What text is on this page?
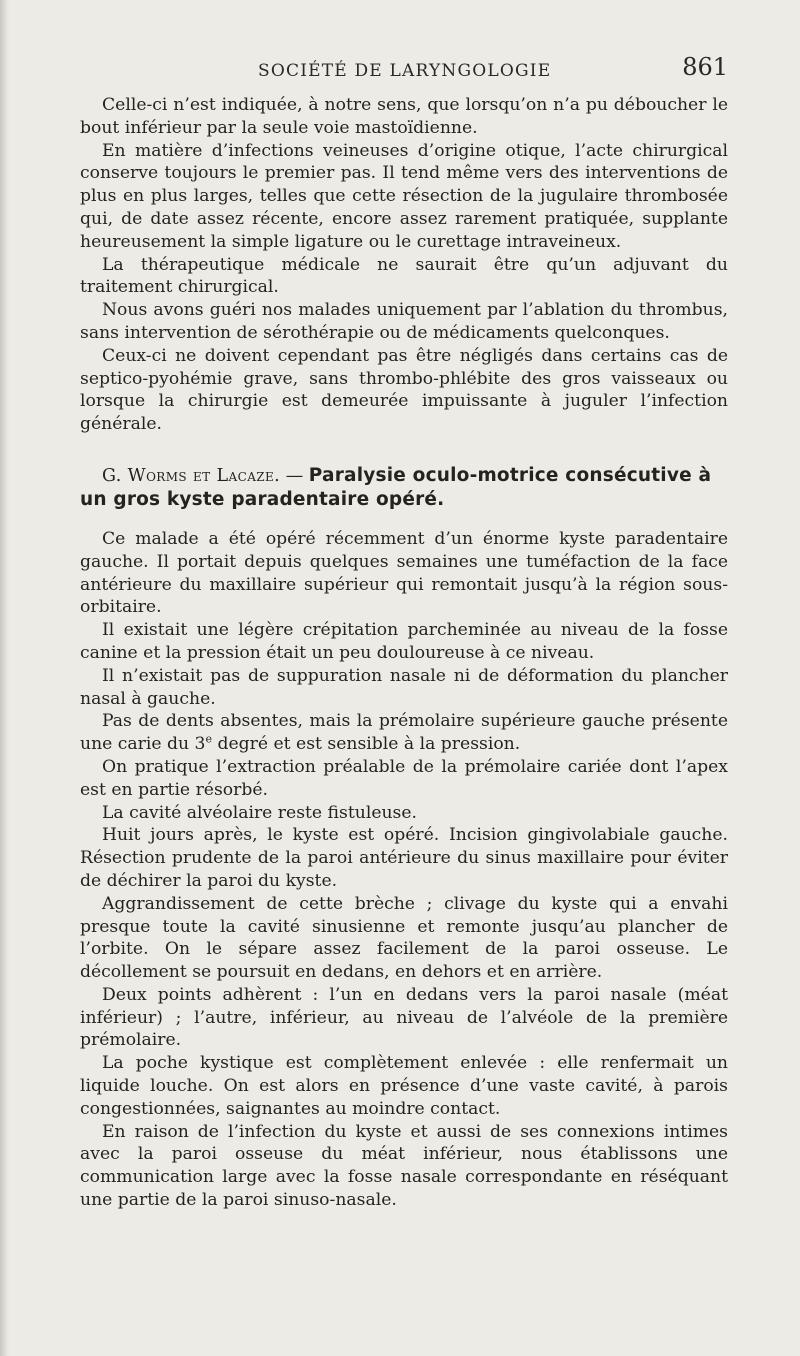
SOCIÉTÉ DE LARYNGOLOGIE	861

Celle-ci n’est indiquée, à notre sens, que lorsqu’on n’a pu déboucher le bout inférieur par la seule voie mastoïdienne.

En matière d’infections veineuses d’origine otique, l’acte chirurgical conserve toujours le premier pas. Il tend même vers des interventions de plus en plus larges, telles que cette résection de la jugulaire thrombosée qui, de date assez récente, encore assez rarement pratiquée, supplante heureusement la simple ligature ou le curettage intraveineux.

La thérapeutique médicale ne saurait être qu’un adjuvant du traitement chirurgical.

Nous avons guéri nos malades uniquement par l’ablation du thrombus, sans intervention de sérothérapie ou de médicaments quelconques.

Ceux-ci ne doivent cependant pas être négligés dans certains cas de septico-pyohémie grave, sans thrombo-phlébite des gros vaisseaux ou lorsque la chirurgie est demeurée impuissante à juguler l’infection générale.

G. Worms et Lacaze. — Paralysie oculo-motrice consécutive à un gros kyste paradentaire opéré.

Ce malade a été opéré récemment d’un énorme kyste paradentaire gauche. Il portait depuis quelques semaines une tuméfaction de la face antérieure du maxillaire supérieur qui remontait jusqu’à la région sous-orbitaire.

Il existait une légère crépitation parcheminée au niveau de la fosse canine et la pression était un peu douloureuse à ce niveau.

Il n’existait pas de suppuration nasale ni de déformation du plancher nasal à gauche.

Pas de dents absentes, mais la prémolaire supérieure gauche présente une carie du 3e degré et est sensible à la pression.

On pratique l’extraction préalable de la prémolaire cariée dont l’apex est en partie résorbé.

La cavité alvéolaire reste fistuleuse.

Huit jours après, le kyste est opéré. Incision gingivolabiale gauche. Résection prudente de la paroi antérieure du sinus maxillaire pour éviter de déchirer la paroi du kyste.

Aggrandissement de cette brèche ; clivage du kyste qui a envahi presque toute la cavité sinusienne et remonte jusqu’au plancher de l’orbite. On le sépare assez facilement de la paroi osseuse. Le décollement se poursuit en dedans, en dehors et en arrière.

Deux points adhèrent : l’un en dedans vers la paroi nasale (méat inférieur) ; l’autre, inférieur, au niveau de l’alvéole de la première prémolaire.

La poche kystique est complètement enlevée : elle renfermait un liquide louche. On est alors en présence d’une vaste cavité, à parois congestionnées, saignantes au moindre contact.

En raison de l’infection du kyste et aussi de ses connexions intimes avec la paroi osseuse du méat inférieur, nous établissons une communication large avec la fosse nasale correspondante en réséquant une partie de la paroi sinuso-nasale.
